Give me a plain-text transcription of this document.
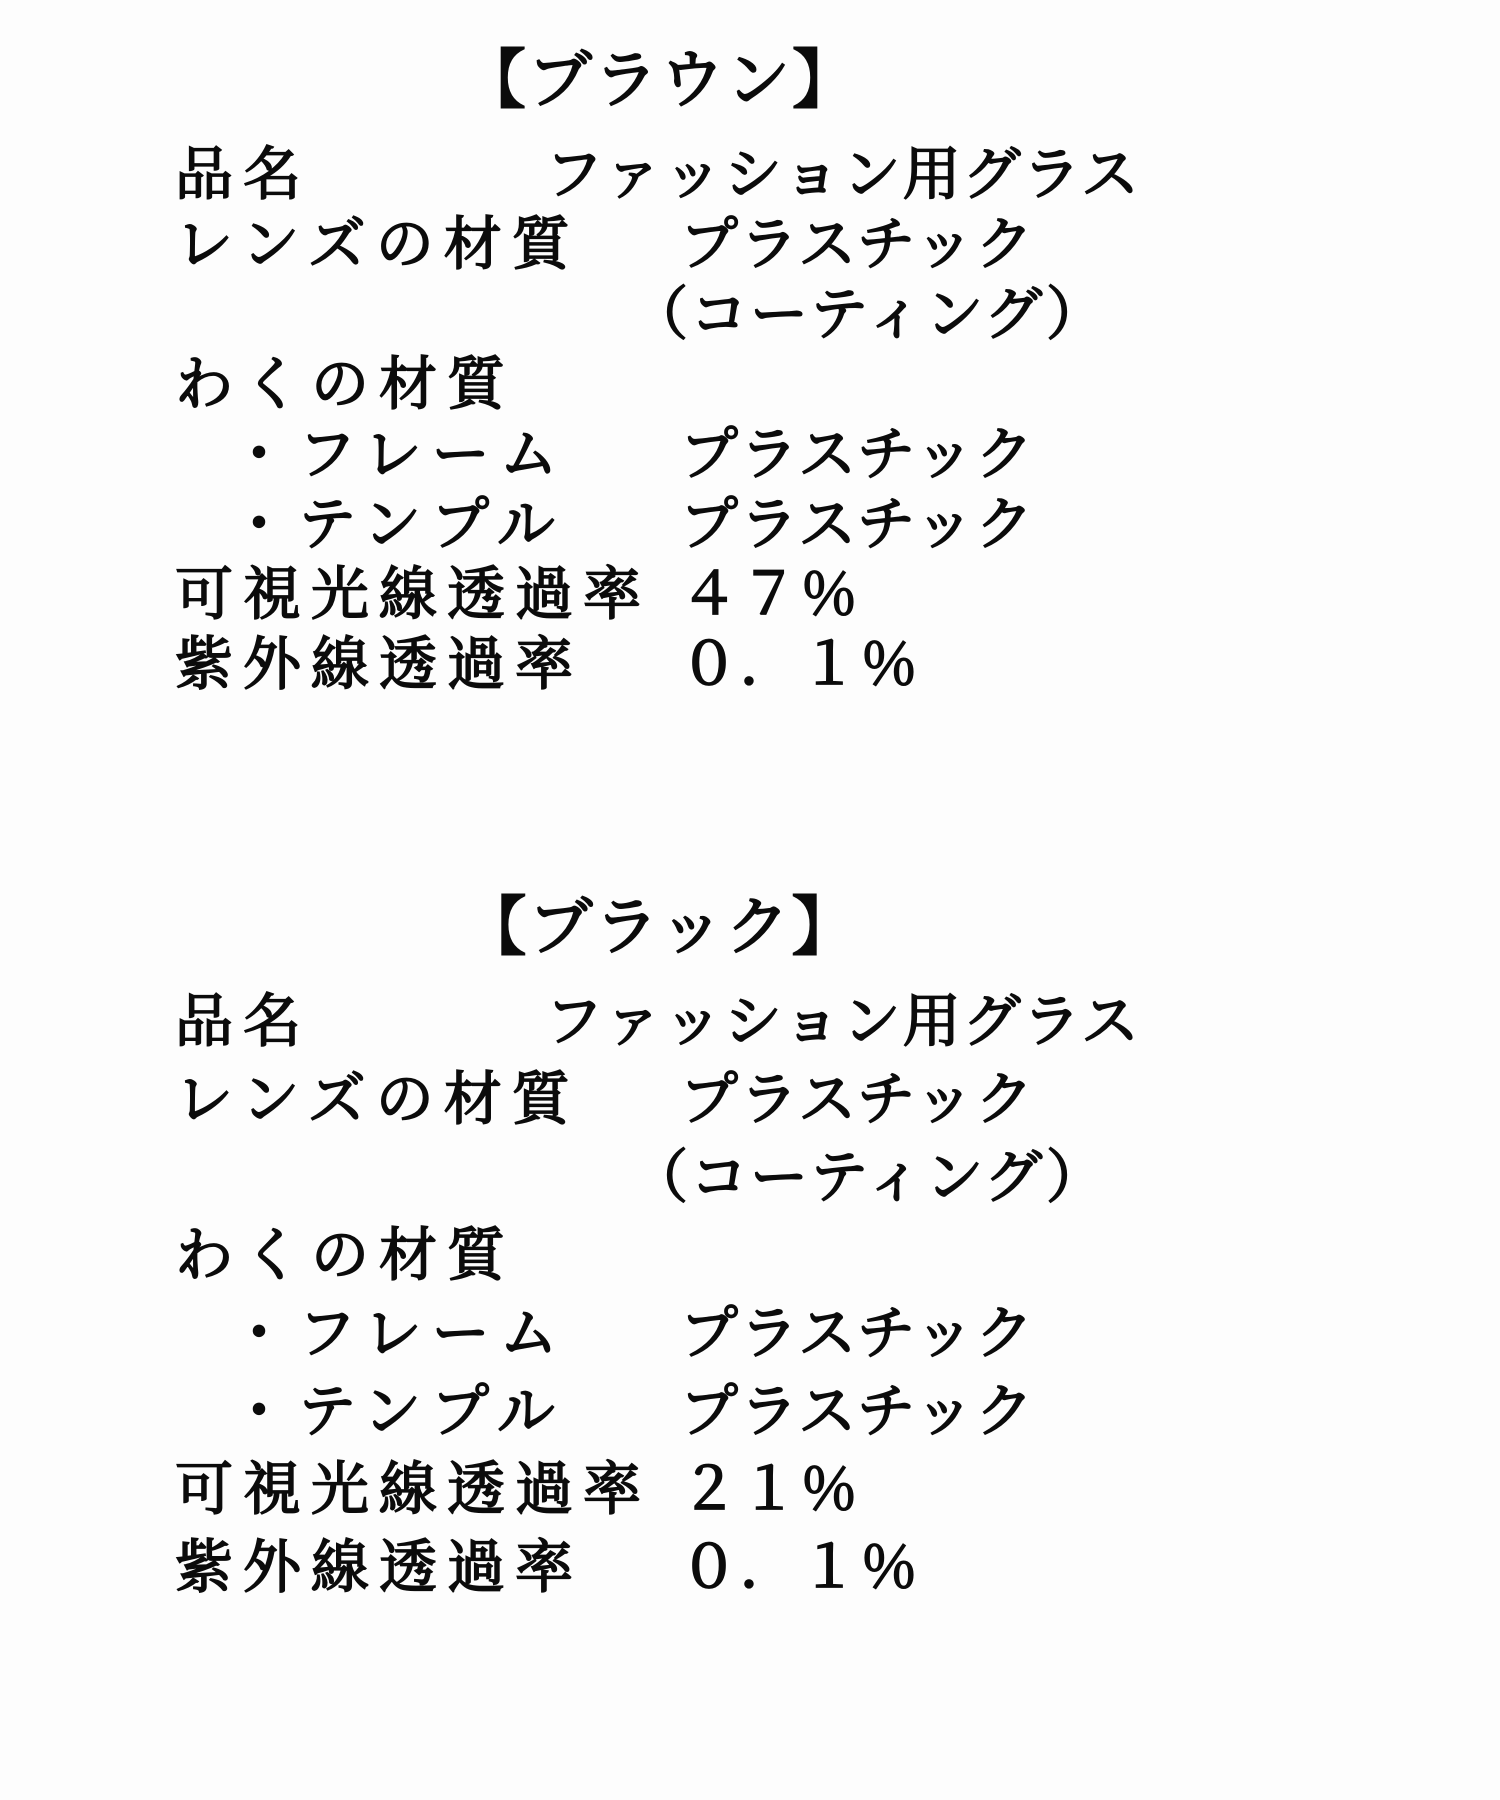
【ブラウン】
品名	ファッション用グラス
レンズの材質	プラスチック
（コーティング）
わくの材質
・フレーム	プラスチック
・テンプル	プラスチック
可視光線透過率 ４７％
紫外線透過率	０．１％
【ブラック】
品名	ファッション用グラス
レンズの材質	プラスチック
（コーティング）
わくの材質
・フレーム	プラスチック
・テンプル	プラスチック
可視光線透過率 ２１％
紫外線透過率	０．１％
